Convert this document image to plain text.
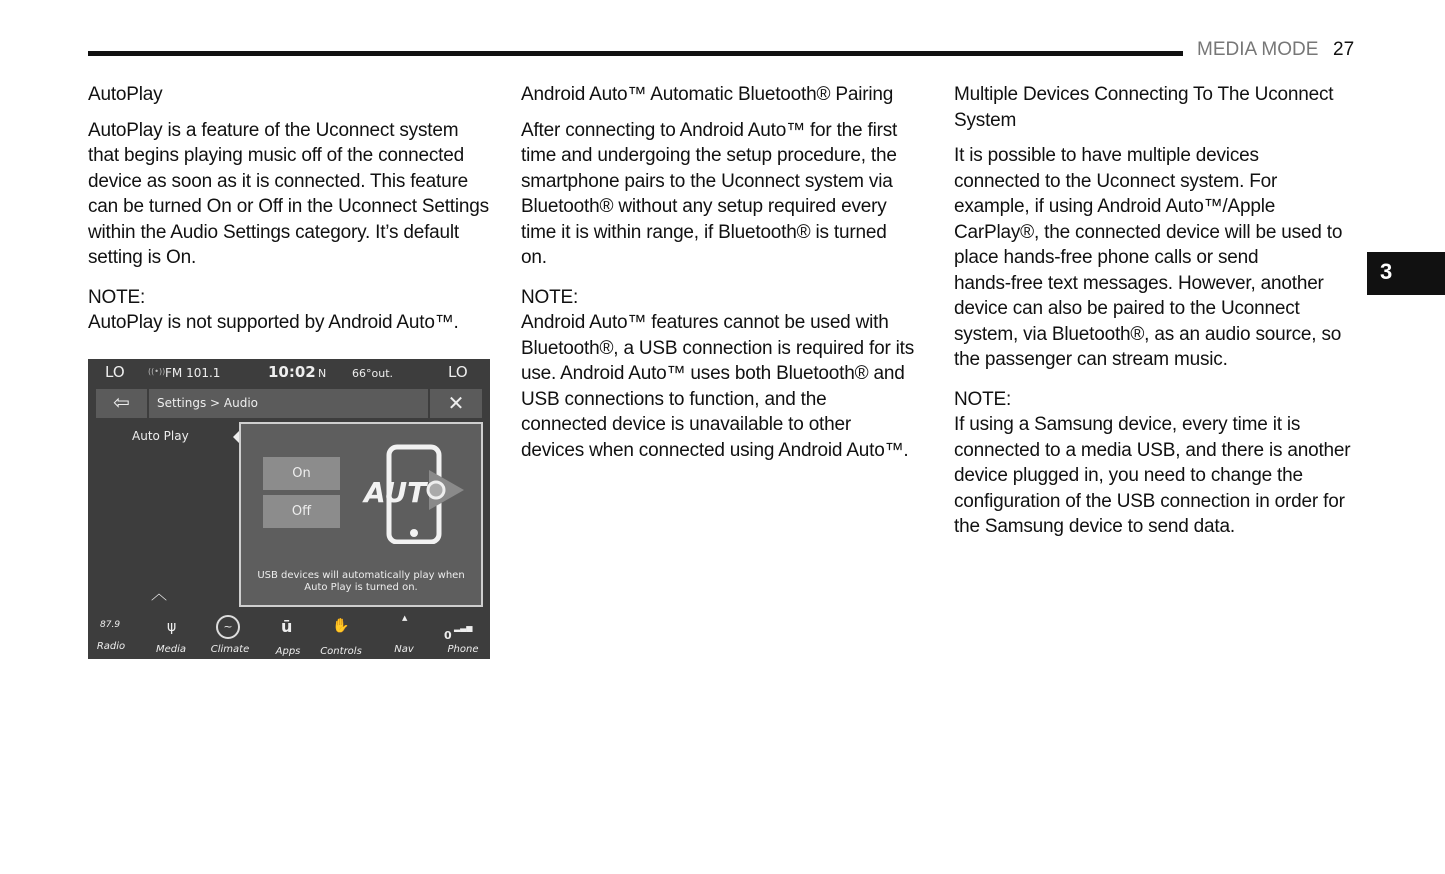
MEDIA MODE 27
3
AutoPlay
AutoPlay is a feature of the Uconnect system
that begins playing music off of the connected
device as soon as it is connected. This feature
can be turned On or Off in the Uconnect Settings
within the Audio Settings category. It’s default
setting is On.
NOTE:
AutoPlay is not supported by Android Auto™.
Android Auto™ Automatic Bluetooth® Pairing
After connecting to Android Auto™ for the first
time and undergoing the setup procedure, the
smartphone pairs to the Uconnect system via
Bluetooth® without any setup required every
time it is within range, if Bluetooth® is turned
on.
NOTE:
Android Auto™ features cannot be used with
Bluetooth®, a USB connection is required for its
use. Android Auto™ uses both Bluetooth® and
USB connections to function, and the
connected device is unavailable to other
devices when connected using Android Auto™.
Multiple Devices Connecting To The Uconnect
System
It is possible to have multiple devices
connected to the Uconnect system. For
example, if using Android Auto™/Apple
CarPlay®, the connected device will be used to
place hands-free phone calls or send
hands-free text messages. However, another
device can also be paired to the Uconnect
system, via Bluetooth®, as an audio source, so
the passenger can stream music.
NOTE:
If using a Samsung device, every time it is
connected to a media USB, and there is another
device plugged in, you need to change the
configuration of the USB connection in order for
the Samsung device to send data.
LO	((•)) FM 101.1	10:02 N 66°out.	LO
⇦	Settings > Audio	✕
Auto Play
︿
On
Off
AUT
USB devices will automatically play when
Auto Play is turned on.
87.9	ψ	~	ū	✋	▲
0
▂▃▅
Radio	Media	Climate	Apps	Controls	Nav	Phone
